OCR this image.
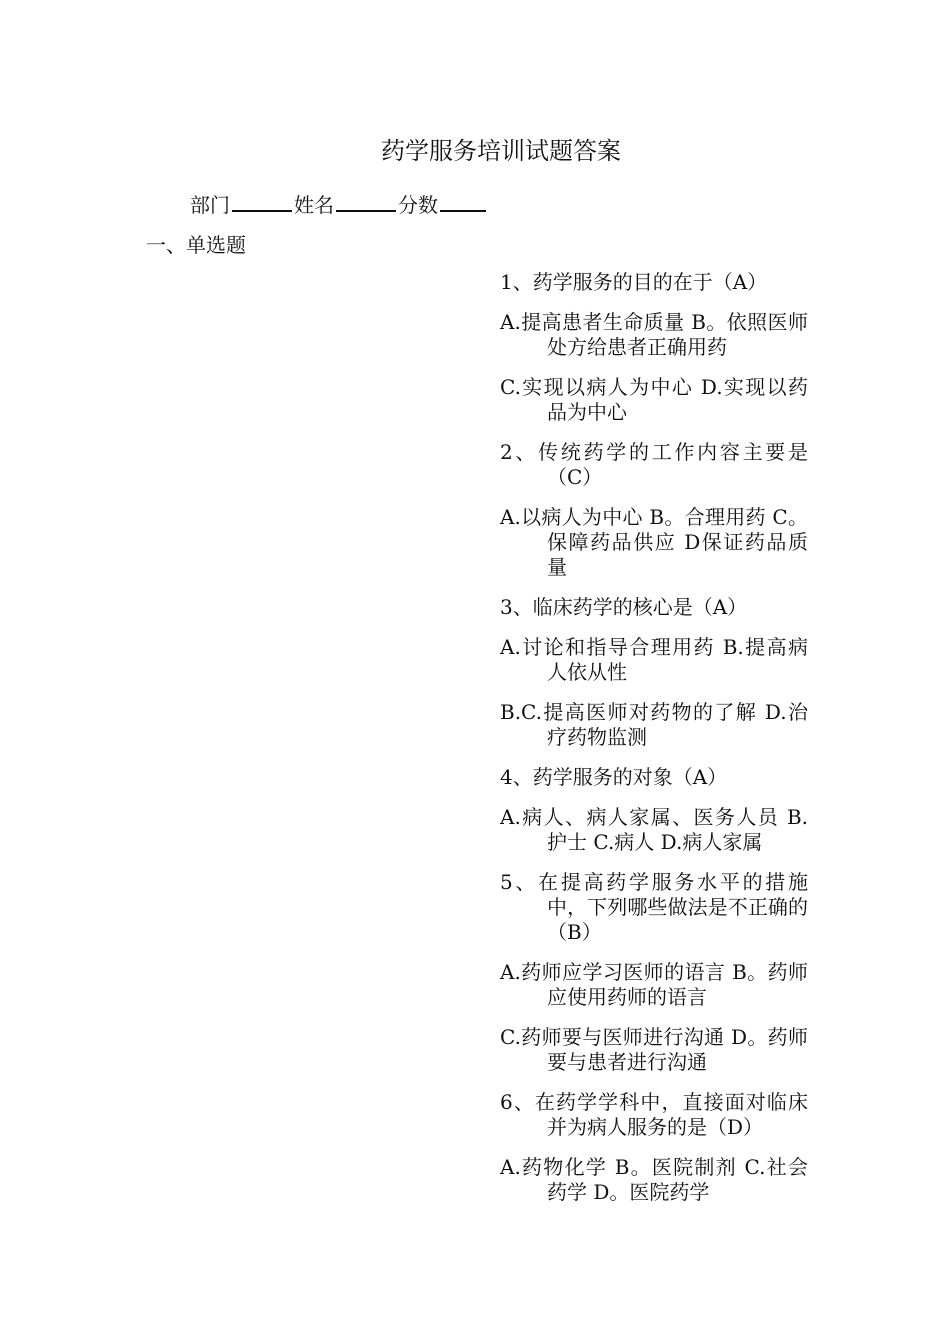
药学服务培训试题答案
部门	姓名	分数
一、单选题

1、药学服务的目的在于（A）

A.提高患者生命质量 B。依照医师处方给患者正确用药

C.实现以病人为中心 D.实现以药品为中心

2、传统药学的工作内容主要是（C）

A.以病人为中心 B。合理用药 C。保障药品供应 D保证药品质量

3、临床药学的核心是（A）

A.讨论和指导合理用药 B.提高病人依从性

B.C.提高医师对药物的了解 D.治疗药物监测

4、药学服务的对象（A）

A.病人、病人家属、医务人员 B.护士 C.病人 D.病人家属

5、在提高药学服务水平的措施中，下列哪些做法是不正确的（B）

A.药师应学习医师的语言 B。药师应使用药师的语言

C.药师要与医师进行沟通 D。药师要与患者进行沟通

6、在药学学科中，直接面对临床并为病人服务的是（D）

A.药物化学 B。医院制剂 C.社会药学 D。医院药学
